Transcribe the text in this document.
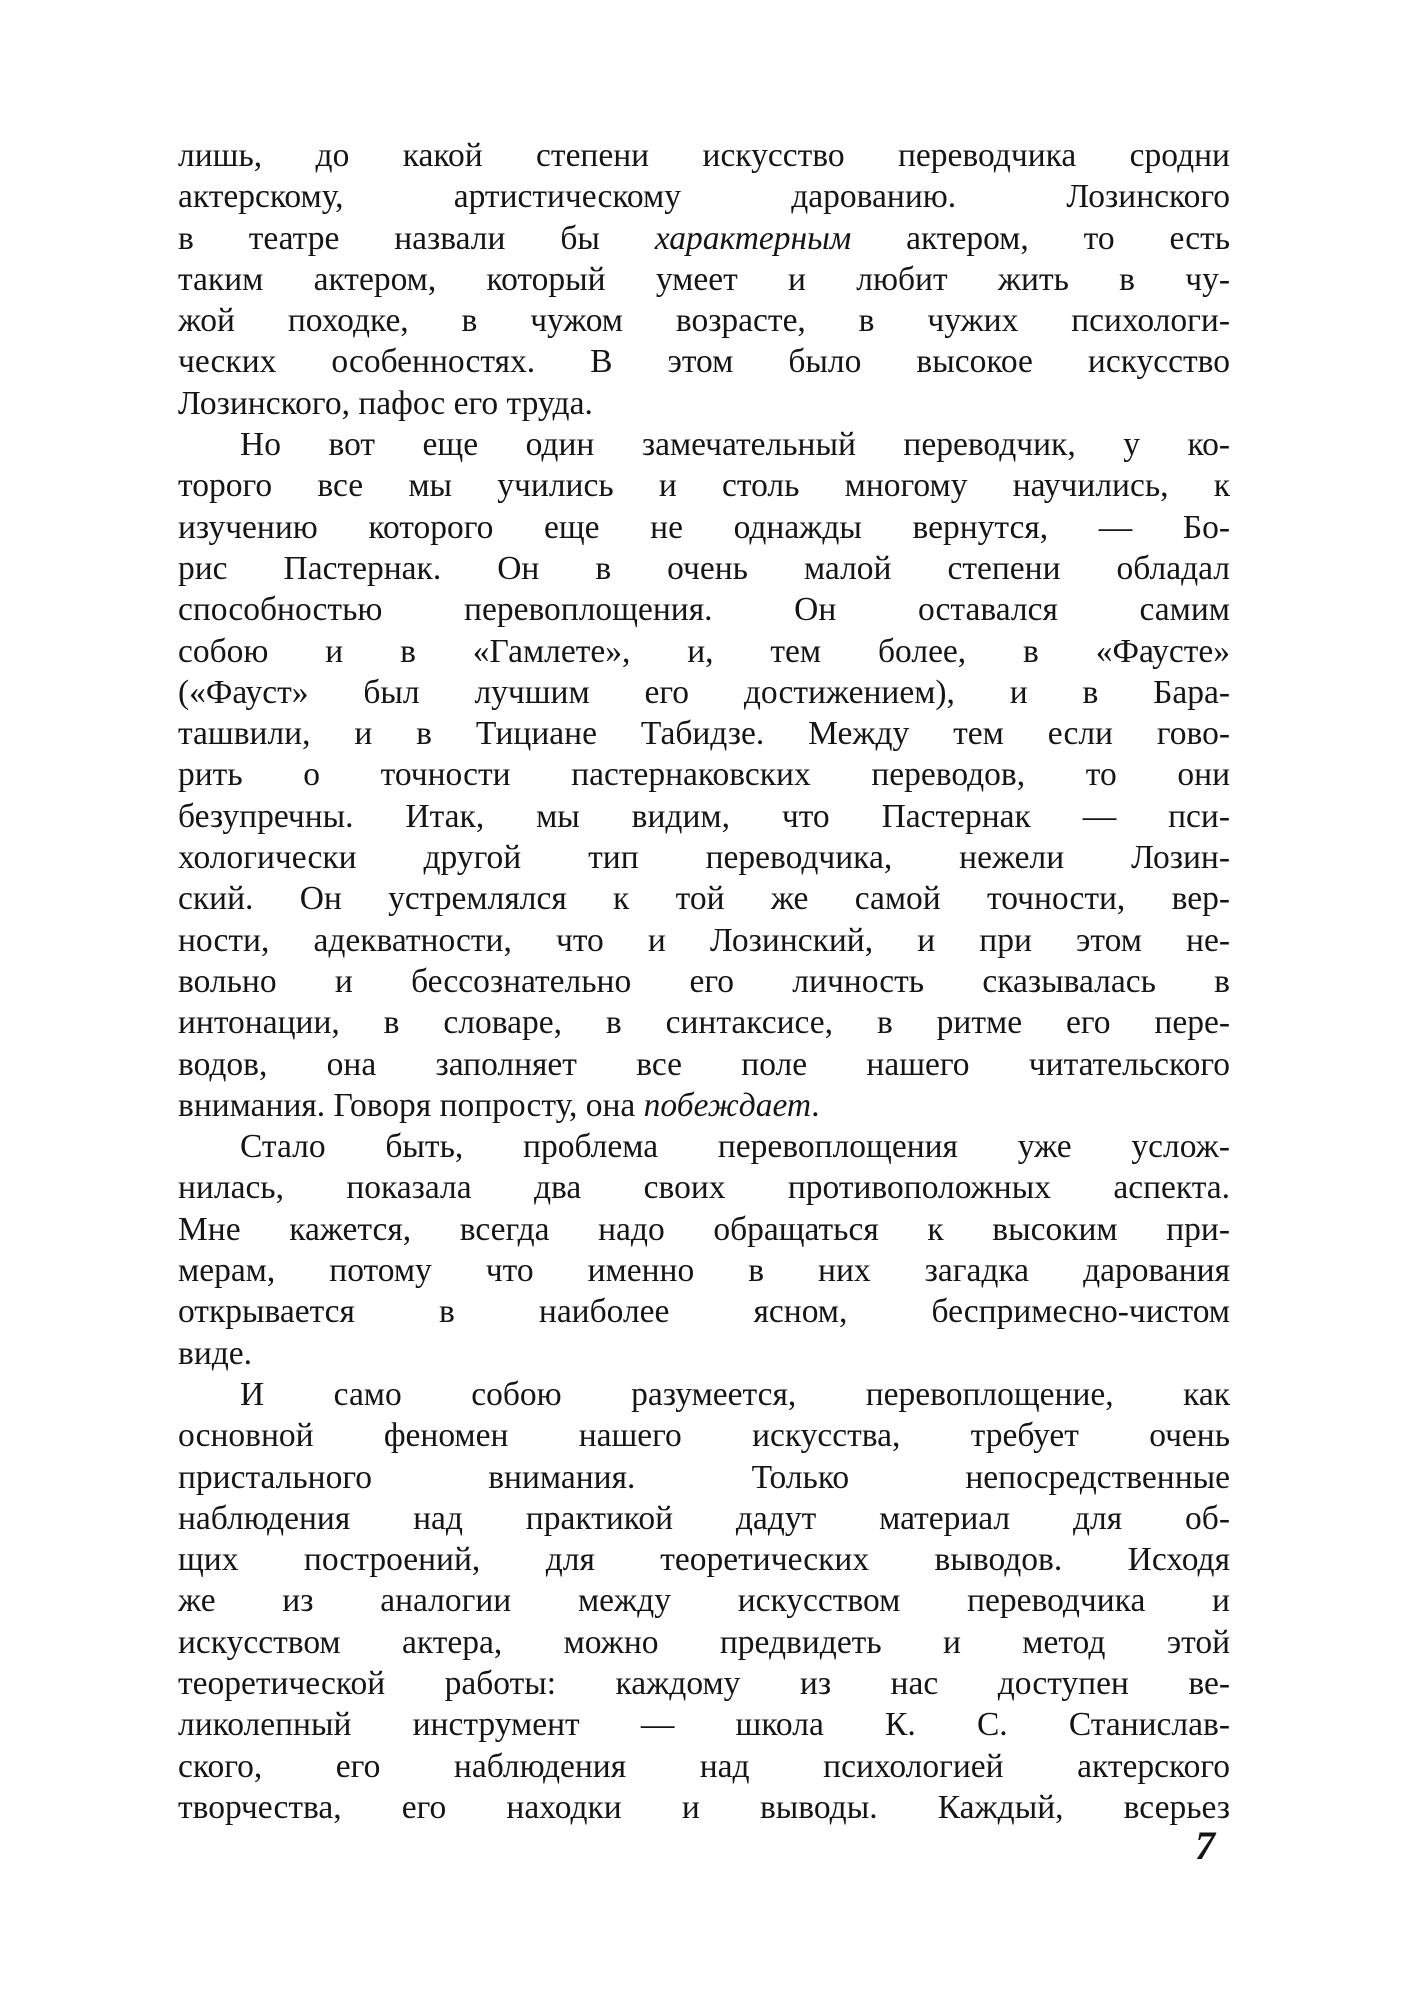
лишь, до какой степени искусство переводчика сродни
актерскому, артистическому дарованию. Лозинского
в театре назвали бы характерным актером, то есть
таким актером, который умеет и любит жить в чу-
жой походке, в чужом возрасте, в чужих психологи-
ческих особенностях. В этом было высокое искусство
Лозинского, пафос его труда.

Но вот еще один замечательный переводчик, у ко-
торого все мы учились и столь многому научились, к
изучению которого еще не однажды вернутся, — Бо-
рис Пастернак. Он в очень малой степени обладал
способностью перевоплощения. Он оставался самим
собою и в «Гамлете», и, тем более, в «Фаусте»
(«Фауст» был лучшим его достижением), и в Бара-
ташвили, и в Тициане Табидзе. Между тем если гово-
рить о точности пастернаковских переводов, то они
безупречны. Итак, мы видим, что Пастернак — пси-
хологически другой тип переводчика, нежели Лозин-
ский. Он устремлялся к той же самой точности, вер-
ности, адекватности, что и Лозинский, и при этом не-
вольно и бессознательно его личность сказывалась в
интонации, в словаре, в синтаксисе, в ритме его пере-
водов, она заполняет все поле нашего читательского
внимания. Говоря попросту, она побеждает.

Стало быть, проблема перевоплощения уже услож-
нилась, показала два своих противоположных аспекта.
Мне кажется, всегда надо обращаться к высоким при-
мерам, потому что именно в них загадка дарования
открывается в наиболее ясном, беспримесно-чистом
виде.

И само собою разумеется, перевоплощение, как
основной феномен нашего искусства, требует очень
пристального внимания. Только непосредственные
наблюдения над практикой дадут материал для об-
щих построений, для теоретических выводов. Исходя
же из аналогии между искусством переводчика и
искусством актера, можно предвидеть и метод этой
теоретической работы: каждому из нас доступен ве-
ликолепный инструмент — школа К. С. Станислав-
ского, его наблюдения над психологией актерского
творчества, его находки и выводы. Каждый, всерьез

7
